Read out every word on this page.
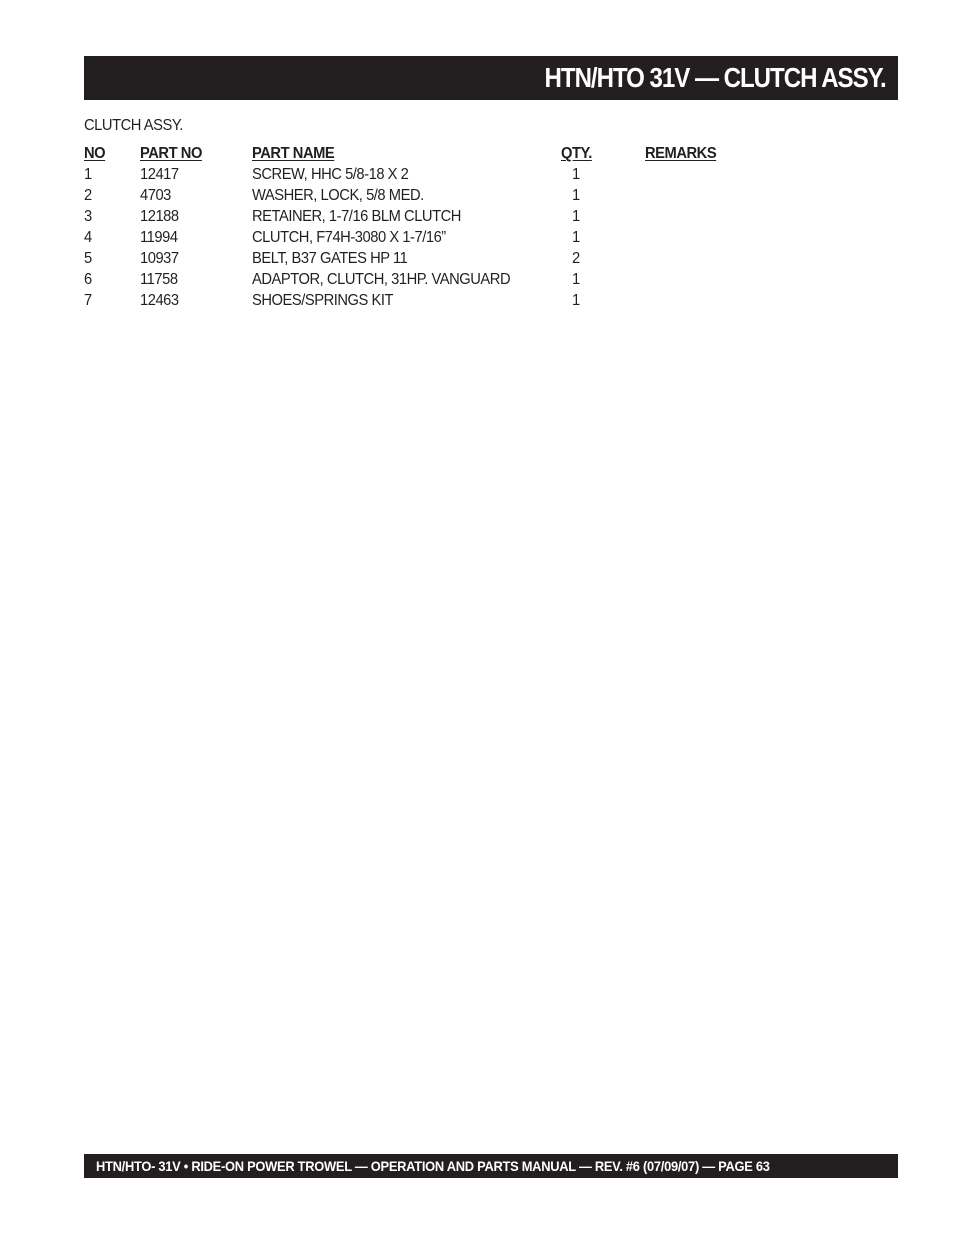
HTN/HTO 31V — CLUTCH ASSY.
CLUTCH ASSY.
NO PART NO	PART NAME	QTY.	REMARKS
1	12417	SCREW, HHC 5/8-18 X 2	1
2	4703	WASHER, LOCK, 5/8 MED.	1
3	12188	RETAINER, 1-7/16 BLM CLUTCH	1
4	11994	CLUTCH, F74H-3080 X 1-7/16”	1
5	10937	BELT, B37 GATES HP 11	2
6	11758	ADAPTOR, CLUTCH, 31HP. VANGUARD	1
7	12463	SHOES/SPRINGS KIT	1
HTN/HTO- 31V • RIDE-ON POWER TROWEL — OPERATION AND PARTS MANUAL — REV. #6 (07/09/07) — PAGE 63
